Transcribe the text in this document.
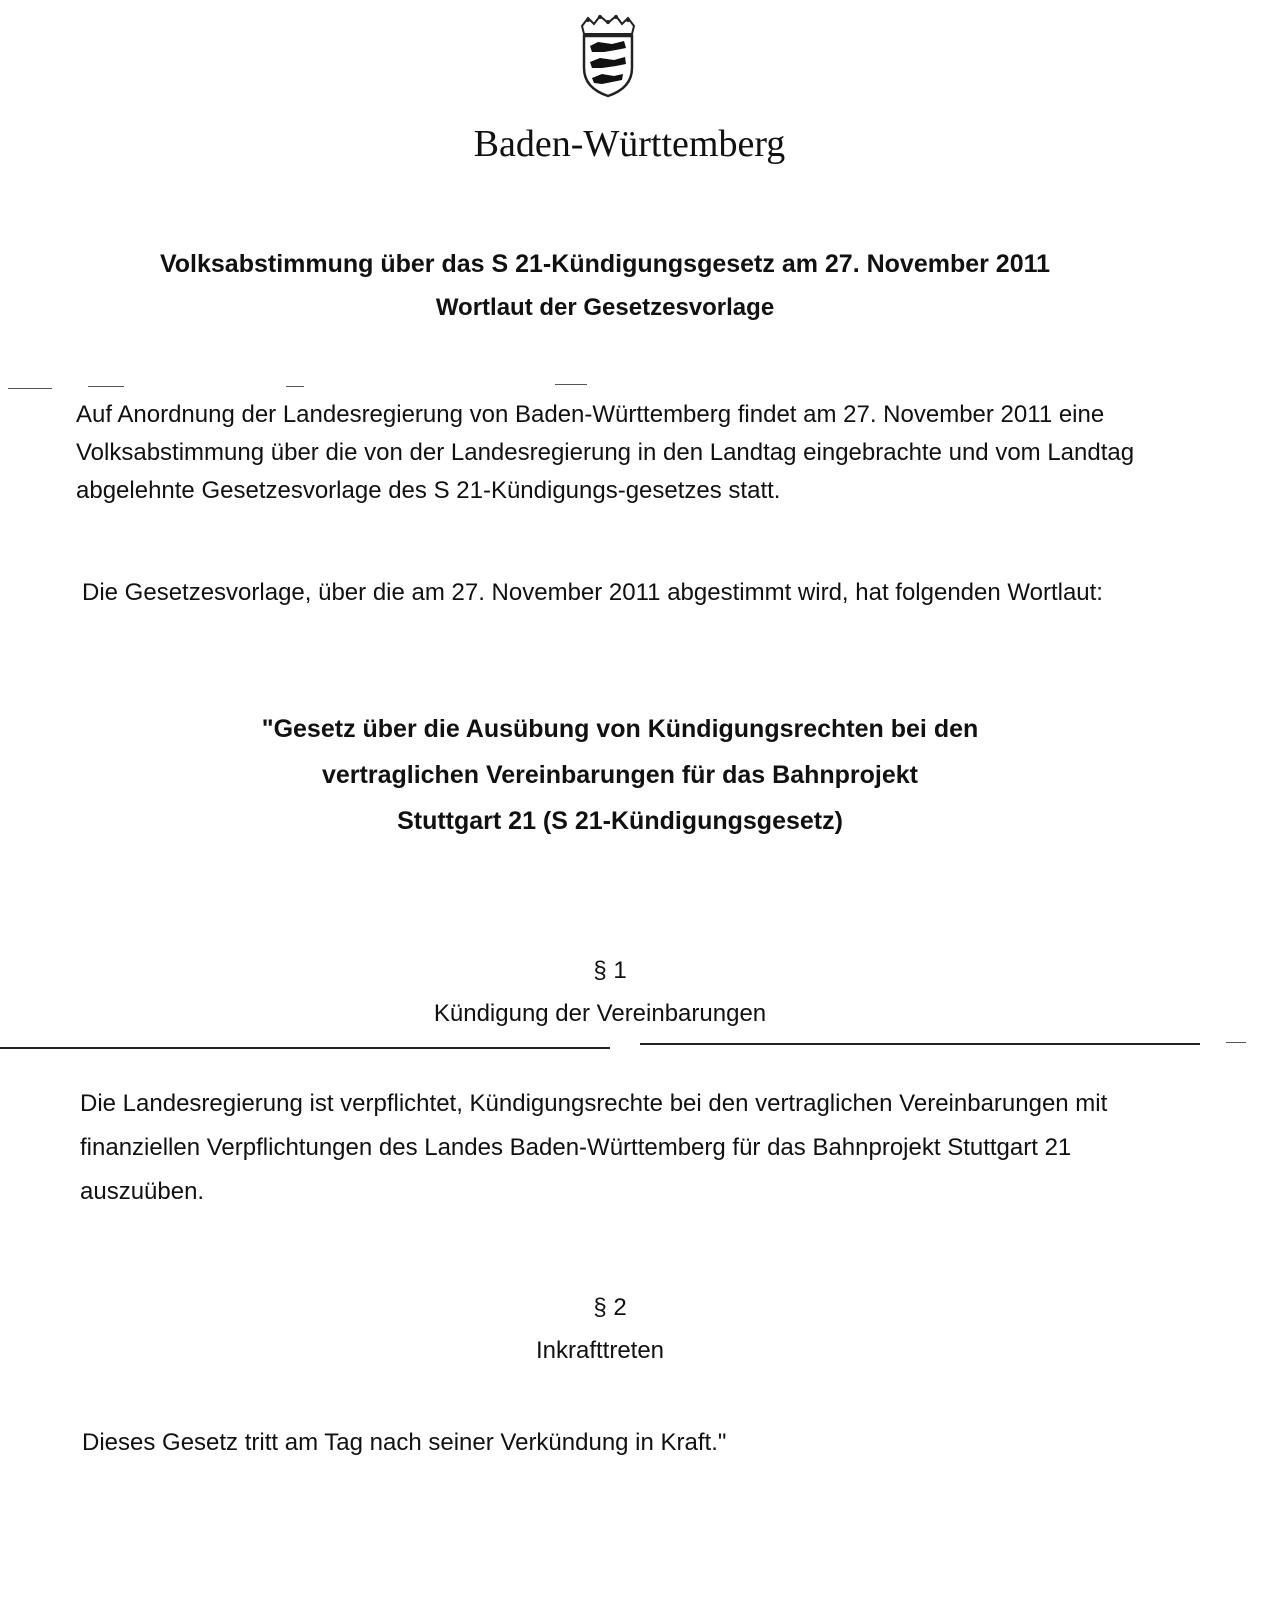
Baden-Württemberg
Volksabstimmung über das S 21-Kündigungsgesetz am 27. November 2011
Wortlaut der Gesetzesvorlage
Auf Anordnung der Landesregierung von Baden-Württemberg findet am 27. November 2011 eine Volksabstimmung über die von der Landesregierung in den Landtag eingebrachte und vom Landtag abgelehnte Gesetzesvorlage des S 21-Kündigungs-gesetzes statt.
Die Gesetzesvorlage, über die am 27. November 2011 abgestimmt wird, hat folgenden Wortlaut:
"Gesetz über die Ausübung von Kündigungsrechten bei den
vertraglichen Vereinbarungen für das Bahnprojekt
Stuttgart 21 (S 21-Kündigungsgesetz)
§ 1
Kündigung der Vereinbarungen
Die Landesregierung ist verpflichtet, Kündigungsrechte bei den vertraglichen Vereinbarungen mit finanziellen Verpflichtungen des Landes Baden-Württemberg für das Bahnprojekt Stuttgart 21 auszuüben.
§ 2
Inkrafttreten
Dieses Gesetz tritt am Tag nach seiner Verkündung in Kraft."
